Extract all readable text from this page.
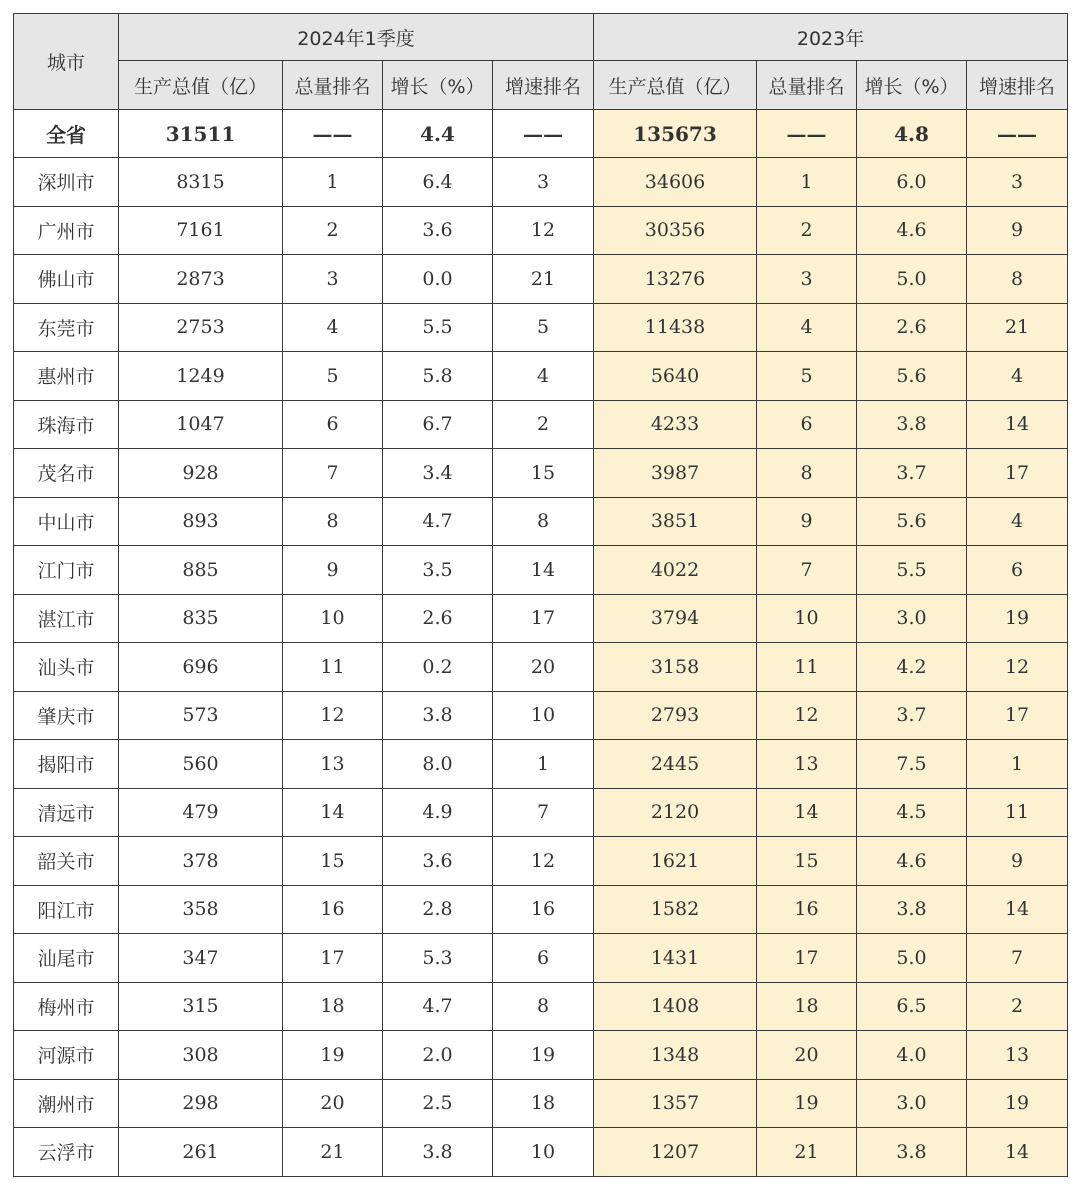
城市	2024年1季度				2023年			
	生产总值（亿）	总量排名	增长（%）	增速排名	生产总值（亿）	总量排名	增长（%）	增速排名
全省	31511	——	4.4	——	135673	——	4.8	——
深圳市	8315	1	6.4	3	34606	1	6.0	3
广州市	7161	2	3.6	12	30356	2	4.6	9
佛山市	2873	3	0.0	21	13276	3	5.0	8
东莞市	2753	4	5.5	5	11438	4	2.6	21
惠州市	1249	5	5.8	4	5640	5	5.6	4
珠海市	1047	6	6.7	2	4233	6	3.8	14
茂名市	928	7	3.4	15	3987	8	3.7	17
中山市	893	8	4.7	8	3851	9	5.6	4
江门市	885	9	3.5	14	4022	7	5.5	6
湛江市	835	10	2.6	17	3794	10	3.0	19
汕头市	696	11	0.2	20	3158	11	4.2	12
肇庆市	573	12	3.8	10	2793	12	3.7	17
揭阳市	560	13	8.0	1	2445	13	7.5	1
清远市	479	14	4.9	7	2120	14	4.5	11
韶关市	378	15	3.6	12	1621	15	4.6	9
阳江市	358	16	2.8	16	1582	16	3.8	14
汕尾市	347	17	5.3	6	1431	17	5.0	7
梅州市	315	18	4.7	8	1408	18	6.5	2
河源市	308	19	2.0	19	1348	20	4.0	13
潮州市	298	20	2.5	18	1357	19	3.0	19
云浮市	261	21	3.8	10	1207	21	3.8	14
